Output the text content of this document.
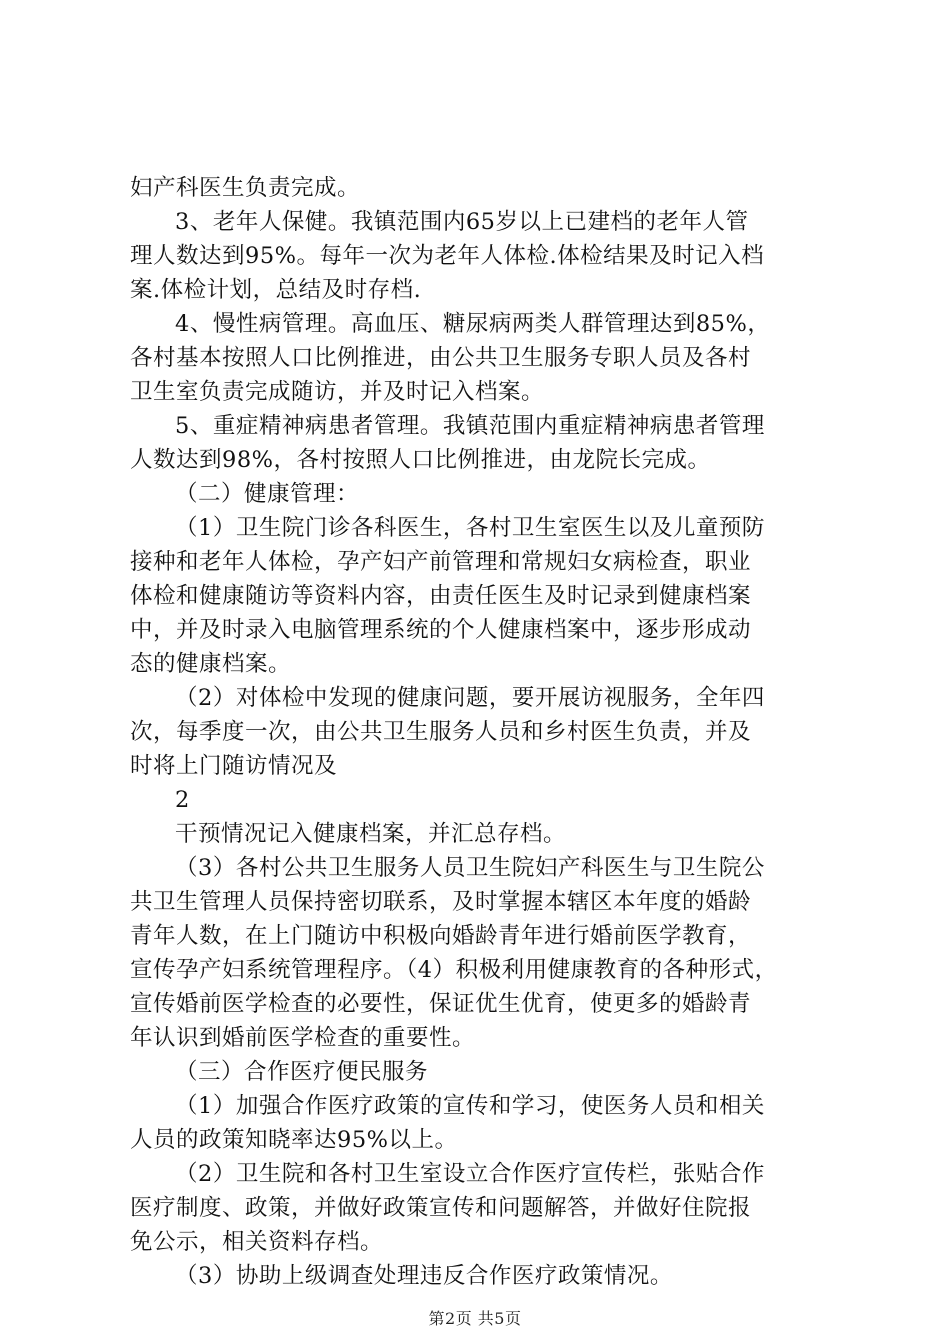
妇产科医生负责完成。
3、老年人保健。我镇范围内65岁以上已建档的老年人管
理人数达到95%。每年一次为老年人体检.体检结果及时记入档
案.体检计划，总结及时存档.
4、慢性病管理。高血压、糖尿病两类人群管理达到85%，
各村基本按照人口比例推进，由公共卫生服务专职人员及各村
卫生室负责完成随访，并及时记入档案。
5、重症精神病患者管理。我镇范围内重症精神病患者管理
人数达到98%，各村按照人口比例推进，由龙院长完成。
（二）健康管理：
（1）卫生院门诊各科医生，各村卫生室医生以及儿童预防
接种和老年人体检，孕产妇产前管理和常规妇女病检查，职业
体检和健康随访等资料内容，由责任医生及时记录到健康档案
中，并及时录入电脑管理系统的个人健康档案中，逐步形成动
态的健康档案。
（2）对体检中发现的健康问题，要开展访视服务，全年四
次，每季度一次，由公共卫生服务人员和乡村医生负责，并及
时将上门随访情况及
2
干预情况记入健康档案，并汇总存档。
（3）各村公共卫生服务人员卫生院妇产科医生与卫生院公
共卫生管理人员保持密切联系，及时掌握本辖区本年度的婚龄
青年人数，在上门随访中积极向婚龄青年进行婚前医学教育，
宣传孕产妇系统管理程序。（4）积极利用健康教育的各种形式，
宣传婚前医学检查的必要性，保证优生优育，使更多的婚龄青
年认识到婚前医学检查的重要性。
（三）合作医疗便民服务
（1）加强合作医疗政策的宣传和学习，使医务人员和相关
人员的政策知晓率达95%以上。
（2）卫生院和各村卫生室设立合作医疗宣传栏，张贴合作
医疗制度、政策，并做好政策宣传和问题解答，并做好住院报
免公示，相关资料存档。
（3）协助上级调查处理违反合作医疗政策情况。
第2页 共5页
